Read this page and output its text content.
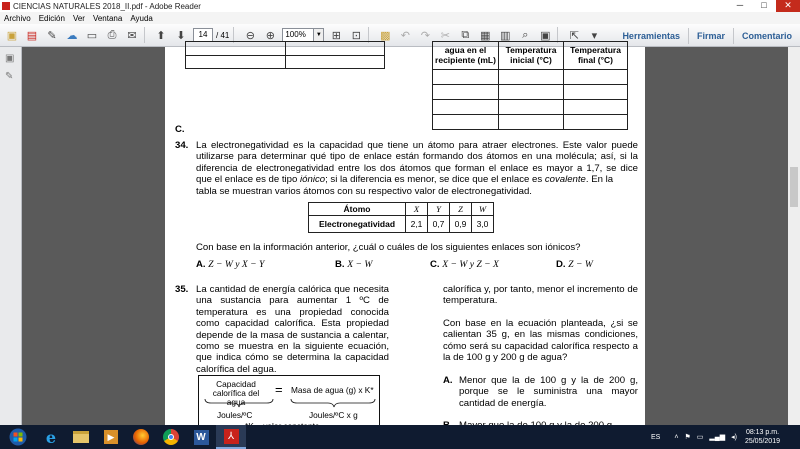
CIENCIAS NATURALES 2018_II.pdf - Adobe Reader	─	□	✕
Archivo Edición Ver Ventana Ayuda
▣ ▤ ✎ ☁ ▭ ⎙ ✉	⬆ ⬇	14	/ 41	⊖ ⊕	100%	▼ ⊞ ⊡	▩ ↶ ↷ ✂	⧉ ▦ ▥	⌕	▣	⇱	▾	Herramientas	Firmar	Comentario
▣
✎

agua en el recipiente (mL)	Temperatura inicial (°C)	Temperatura final (°C)

C.
34. La electronegatividad es la capacidad que tiene un átomo para atraer electrones. Este valor puede
utilizarse para determinar qué tipo de enlace están formando dos átomos en una molécula; así, si la
diferencia de electronegatividad entre los dos átomos que forman el enlace es mayor a 1,7, se dice
que el enlace es de tipo iónico; si la diferencia es menor, se dice que el enlace es covalente. En la
tabla se muestran varios átomos con su respectivo valor de electronegatividad.
Átomo	X	Y	Z	W
Electronegatividad	2,1	0,7	0,9	3,0
Con base en la información anterior, ¿cuál o cuáles de los siguientes enlaces son iónicos?
A. Z − W y X − Y	B. X − W	C. X − W y Z − X	D. Z − W
35. La cantidad de energía calórica que necesita
una sustancia para aumentar 1 ºC de
temperatura es una propiedad conocida
como capacidad calorífica. Esta propiedad
depende de la masa de sustancia a calentar,
como se muestra en la siguiente ecuación,
que indica cómo se determina la capacidad
calorífica del agua.
Capacidad
calorífica del agua
= Masa de agua (g) x K*
Joules/ºC	Joules/ºC x g
calorífica y, por tanto, menor el incremento de
temperatura.
Con base en la ecuación planteada, ¿si se
calientan 35 g, en las mismas condiciones,
cómo será su capacidad calorífica respecto a
la de 100 g y 200 g de agua?
A. Menor que la de 100 g y la de 200 g,
porque se le suministra una mayor
cantidad de energía.
e	▶	W	⅄	ES ˄ ⚑ ▭ ▂▄▆ ◂)
08:13 p.m.
25/05/2019
